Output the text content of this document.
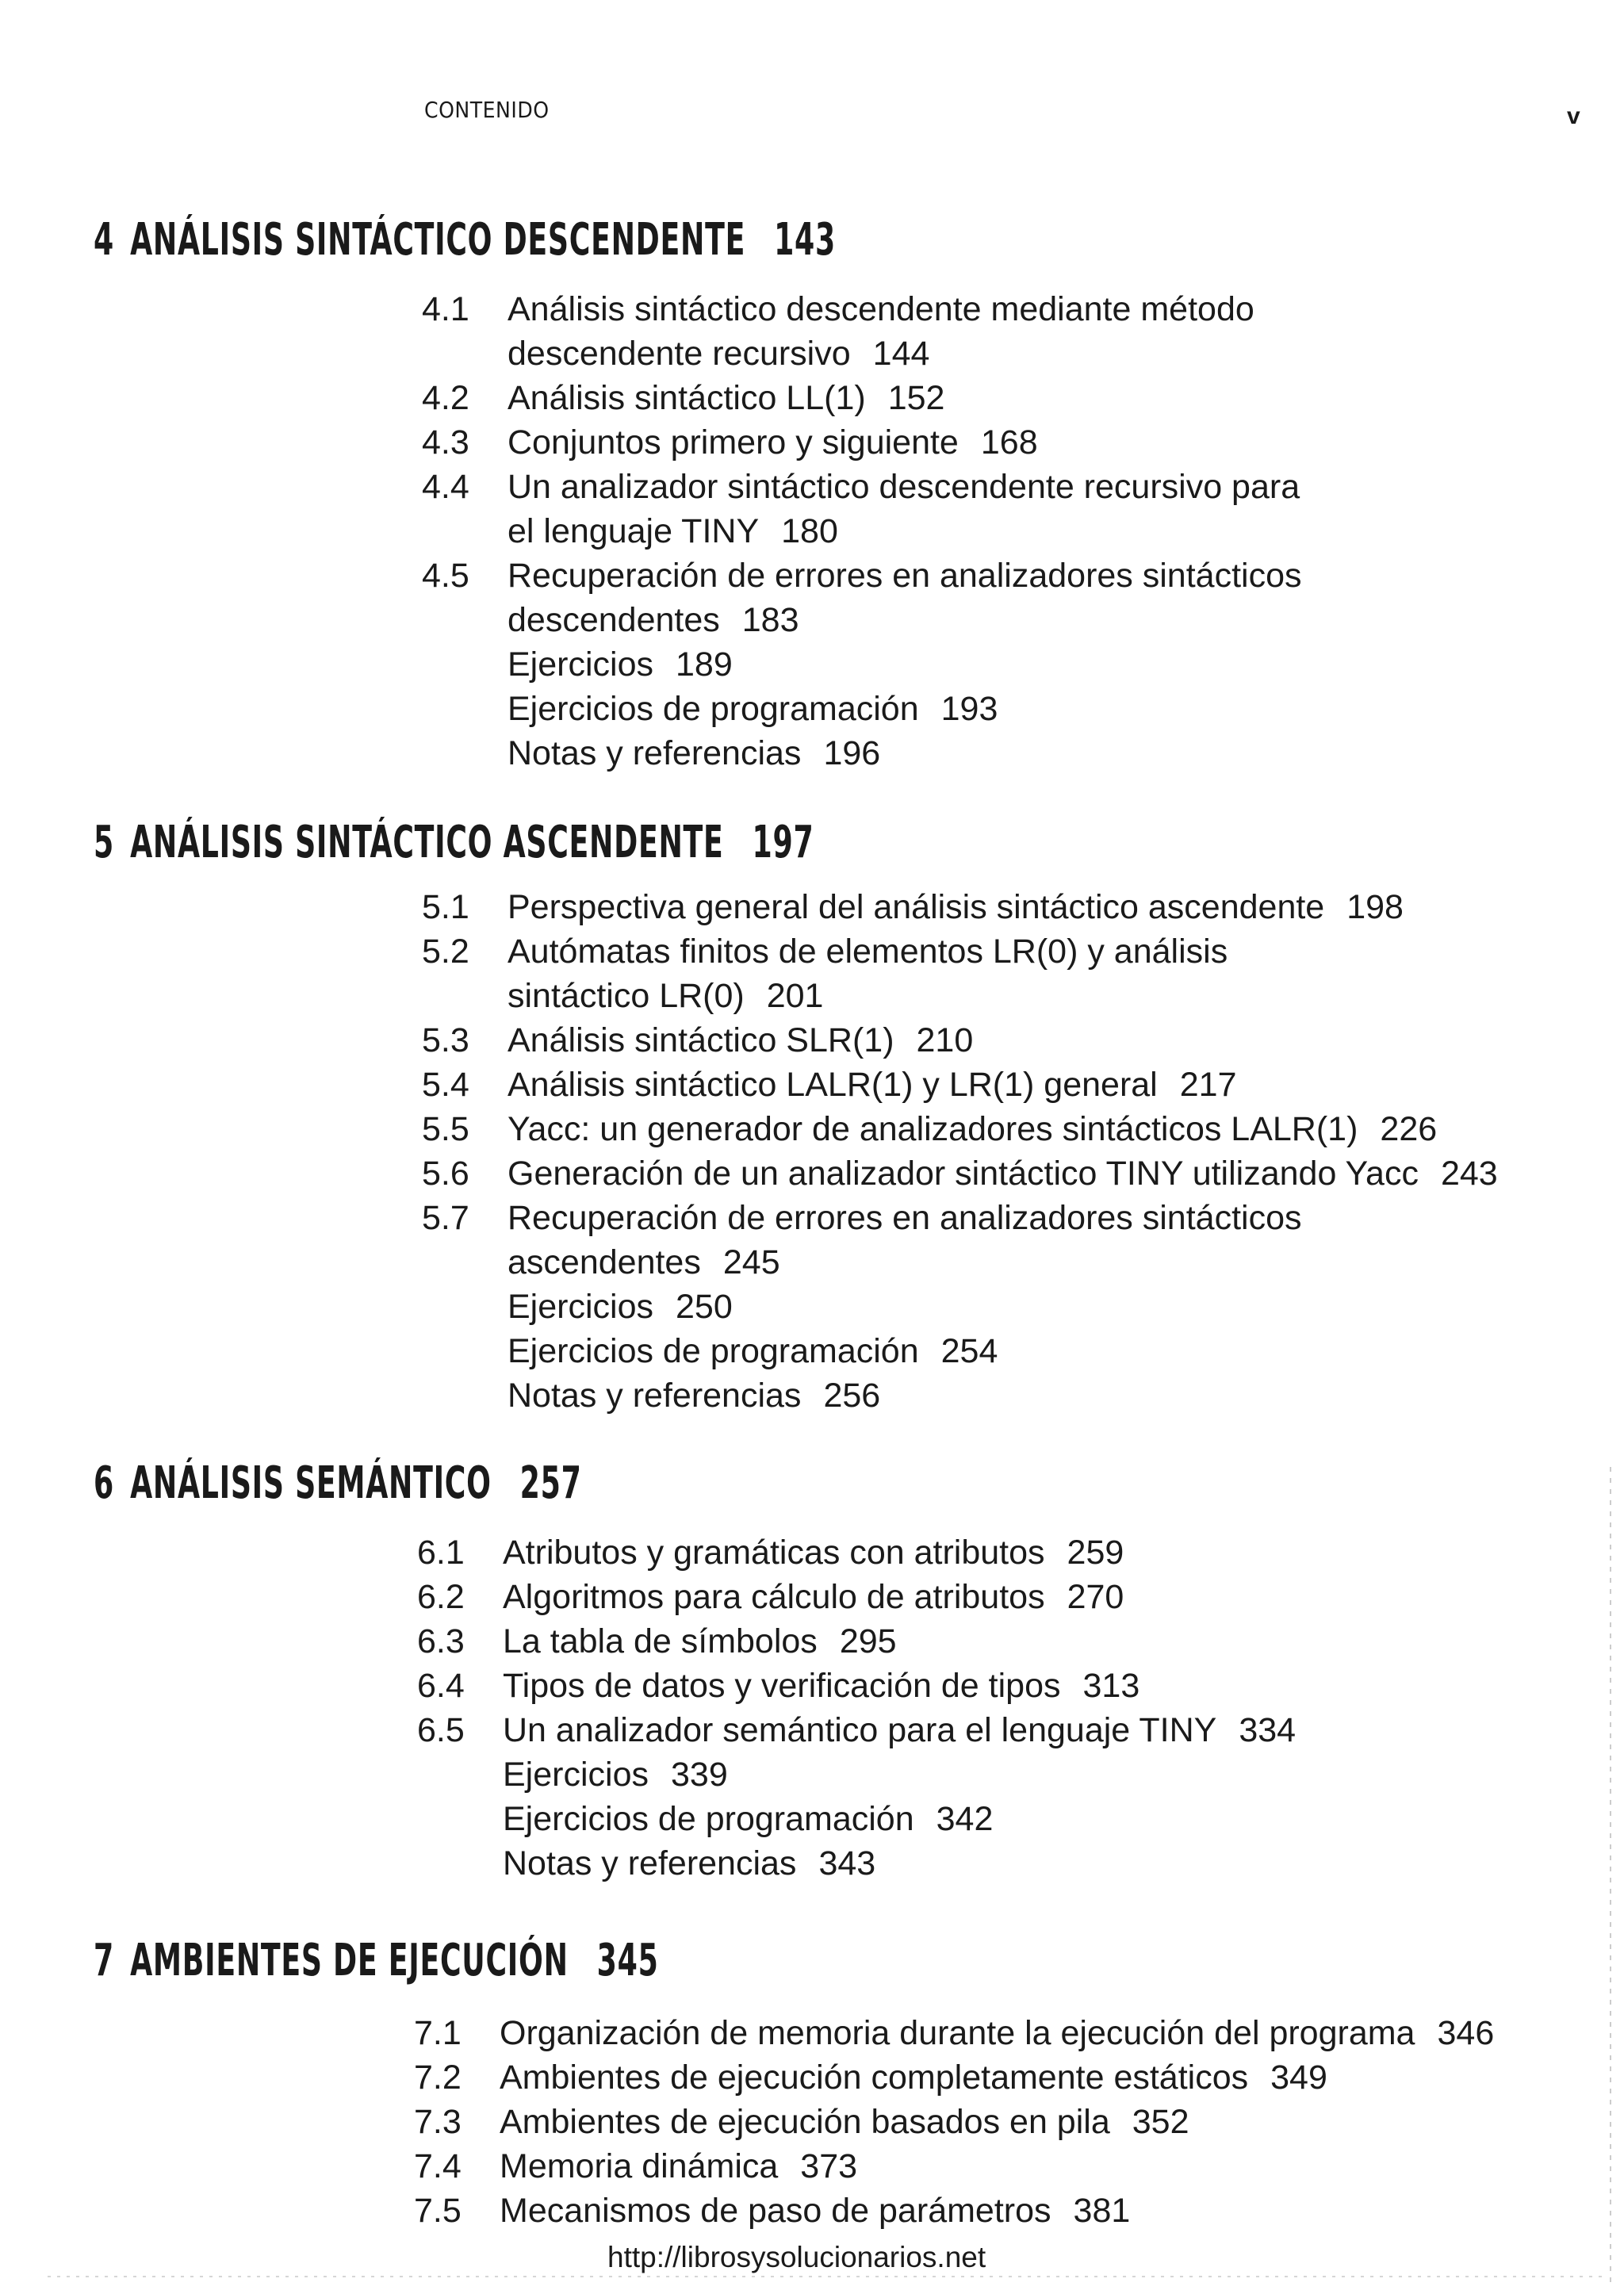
CONTENIDO	v
4 ANÁLISIS SINTÁCTICO DESCENDENTE 143
4.1 Análisis sintáctico descendente mediante método
descendente recursivo 144
4.2 Análisis sintáctico LL(1) 152
4.3 Conjuntos primero y siguiente 168
4.4 Un analizador sintáctico descendente recursivo para
el lenguaje TINY 180
4.5 Recuperación de errores en analizadores sintácticos
descendentes 183
Ejercicios 189
Ejercicios de programación 193
Notas y referencias 196
5 ANÁLISIS SINTÁCTICO ASCENDENTE 197
5.1 Perspectiva general del análisis sintáctico ascendente 198
5.2 Autómatas finitos de elementos LR(0) y análisis
sintáctico LR(0) 201
5.3 Análisis sintáctico SLR(1) 210
5.4 Análisis sintáctico LALR(1) y LR(1) general 217
5.5 Yacc: un generador de analizadores sintácticos LALR(1) 226
5.6 Generación de un analizador sintáctico TINY utilizando Yacc 243
5.7 Recuperación de errores en analizadores sintácticos
ascendentes 245
Ejercicios 250
Ejercicios de programación 254
Notas y referencias 256
6 ANÁLISIS SEMÁNTICO 257
6.1 Atributos y gramáticas con atributos 259
6.2 Algoritmos para cálculo de atributos 270
6.3 La tabla de símbolos 295
6.4 Tipos de datos y verificación de tipos 313
6.5 Un analizador semántico para el lenguaje TINY 334
Ejercicios 339
Ejercicios de programación 342
Notas y referencias 343
7 AMBIENTES DE EJECUCIÓN 345
7.1 Organización de memoria durante la ejecución del programa 346
7.2 Ambientes de ejecución completamente estáticos 349
7.3 Ambientes de ejecución basados en pila 352
7.4 Memoria dinámica 373
7.5 Mecanismos de paso de parámetros 381
http://librosysolucionarios.net
